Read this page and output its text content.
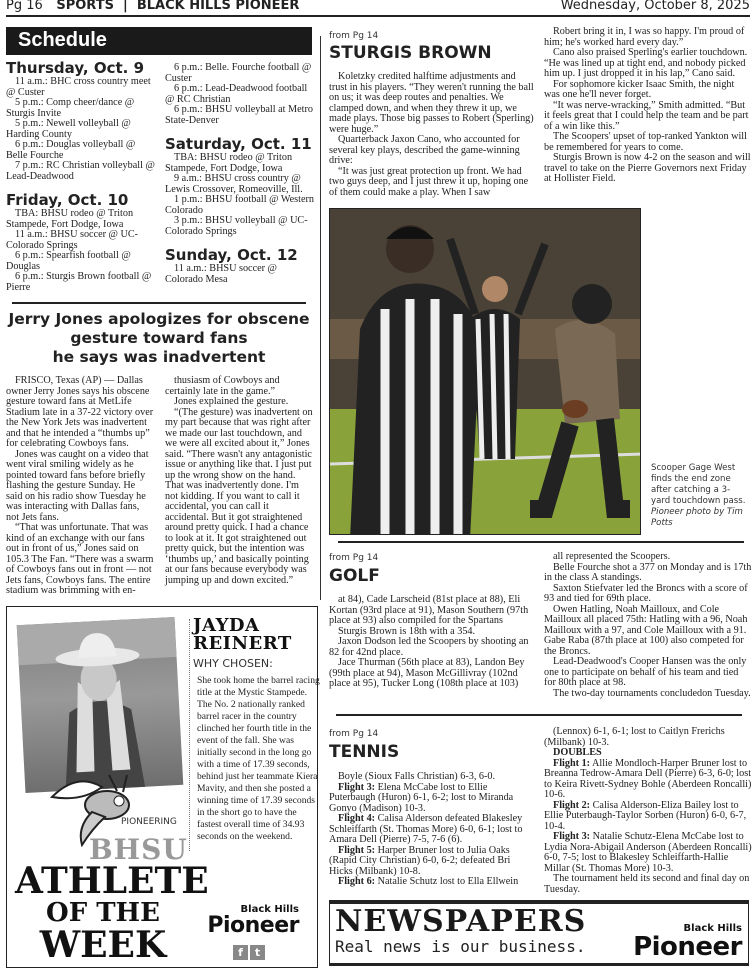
Pg 16 SPORTS  |  BLACK HILLS PIONEER	Wednesday, October 8, 2025
Schedule
Thursday, Oct. 9
11 a.m.: BHC cross country meet @ Custer
5 p.m.: Comp cheer/dance @ Sturgis Invite
5 p.m.: Newell volleyball @ Harding County
6 p.m.: Douglas volleyball @ Belle Fourche
7 p.m.: RC Christian volleyball @ Lead-Deadwood
Friday, Oct. 10
TBA: BHSU rodeo @ Triton Stampede, Fort Dodge, Iowa
11 a.m.: BHSU soccer @ UC-Colorado Springs
6 p.m.: Spearfish football @ Douglas
6 p.m.: Sturgis Brown football @ Pierre
6 p.m.: Belle. Fourche football @ Custer
6 p.m.: Lead-Deadwood football @ RC Christian
6 p.m.: BHSU volleyball at Metro State-Denver
Saturday, Oct. 11
TBA: BHSU rodeo @ Triton Stampede, Fort Dodge, Iowa
9 a.m.: BHSU cross country @ Lewis Crossover, Romeoville, Ill.
1 p.m.: BHSU football @ Western Colorado
3 p.m.: BHSU volleyball @ UC-Colorado Springs
Sunday, Oct. 12
11 a.m.: BHSU soccer @ Colorado Mesa
Jerry Jones apologizes for obscene
gesture toward fans
he says was inadvertent

FRISCO, Texas (AP) — Dallas owner Jerry Jones says his obscene gesture toward fans at MetLife Stadium late in a 37-22 victory over the New York Jets was inadvertent and that he intended a “thumbs up” for celebrating Cowboys fans.

Jones was caught on a video that went viral smiling widely as he pointed toward fans before briefly flashing the gesture Sunday. He said on his radio show Tuesday he was interacting with Dallas fans, not Jets fans.

“That was unfortunate. That was kind of an exchange with our fans out in front of us,” Jones said on 105.3 The Fan. “There was a swarm of Cowboys fans out in front — not Jets fans, Cowboys fans. The entire stadium was brimming with en-

thusiasm of Cowboys and certainly late in the game.”

Jones explained the gesture.

“(The gesture) was inadvertent on my part because that was right after we made our last touchdown, and we were all excited about it,” Jones said. “There wasn't any antagonistic issue or anything like that. I just put up the wrong show on the hand. That was inadvertently done. I'm not kidding. If you want to call it accidental, you can call it accidental. But it got straightened around pretty quick. I had a chance to look at it. It got straightened out pretty quick, but the intention was ‘thumbs up,’ and basically pointing at our fans because everybody was jumping up and down excited.”

JAYDA
REINERT
WHY CHOSEN:
She took home the barrel racing title at the Mystic Stampede. The No. 2 nationally ranked barrel racer in the country clinched her fourth title in the event of the fall. She was initially second in the long go with a time of 17.39 seconds, behind just her teammate Kiera Mavity, and then she posted a winning time of 17.39 seconds in the short go to have the fastest overall time of 34.93 seconds on the weekend.
PIONEERING
BHSU
ATHLETE
OF THE
WEEK
Black Hills
Pioneer
f t
from Pg 14
STURGIS BROWN

Koletzky credited halftime adjustments and trust in his players. “They weren't running the ball on us; it was deep routes and penalties. We clamped down, and when they threw it up, we made plays. Those big passes to Robert (Sperling) were huge.”

Quarterback Jaxon Cano, who accounted for several key plays, described the game-winning drive:

“It was just great protection up front. We had two guys deep, and I just threw it up, hoping one of them could make a play. When I saw

Robert bring it in, I was so happy. I'm proud of him; he's worked hard every day.”

Cano also praised Sperling's earlier touchdown. “He was lined up at tight end, and nobody picked him up. I just dropped it in his lap,” Cano said.

For sophomore kicker Isaac Smith, the night was one he'll never forget.

“It was nerve-wracking,” Smith admitted. “But it feels great that I could help the team and be part of a win like this.”

The Scoopers' upset of top-ranked Yankton will be remembered for years to come.

Sturgis Brown is now 4-2 on the season and will travel to take on the Pierre Governors next Friday at Hollister Field.

Scooper Gage West finds the end zone after catching a 3-yard touchdown pass.
Pioneer photo by Tim Potts
from Pg 14
GOLF

at 84), Cade Larscheid (81st place at 88), Eli Kortan (93rd place at 91), Mason Southern (97th place at 93) also compiled for the Spartans

Sturgis Brown is 18th with a 354.

Jaxon Dodson led the Scoopers by shooting an 82 for 42nd place.

Jace Thurman (56th place at 83), Landon Bey (99th place at 94), Mason McGillivray (102nd place at 95), Tucker Long (108th place at 103)

all represented the Scoopers.

Belle Fourche shot a 377 on Monday and is 17th in the class A standings.

Saxton Stiefvater led the Broncs with a score of 93 and tied for 69th place.

Owen Hatling, Noah Mailloux, and Cole Mailloux all placed 75th: Hatling with a 96, Noah Mailloux with a 97, and Cole Mailloux with a 91. Gabe Raba (87th place at 100) also competed for the Broncs.

Lead-Deadwood's Cooper Hansen was the only one to participate on behalf of his team and tied for 80th place at 98.

The two-day tournaments concludedon Tuesday.

from Pg 14
TENNIS

Boyle (Sioux Falls Christian) 6-3, 6-0.

Flight 3: Elena McCabe lost to Ellie Puterbaugh (Huron) 6-1, 6-2; lost to Miranda Gonyo (Madison) 10-3.

Flight 4: Calisa Alderson defeated Blakesley Schleiffarth (St. Thomas More) 6-0, 6-1; lost to Amara Dell (Pierre) 7-5, 7-6 (6).

Flight 5: Harper Bruner lost to Julia Oaks (Rapid City Christian) 6-0, 6-2; defeated Bri Hicks (Milbank) 10-8.

Flight 6: Natalie Schutz lost to Ella Ellwein

(Lennox) 6-1, 6-1; lost to Caitlyn Frerichs (Milbank) 10-3.

DOUBLES

Flight 1: Allie Mondloch-Harper Bruner lost to Breanna Tedrow-Amara Dell (Pierre) 6-3, 6-0; lost to Keira Rivett-Sydney Bohle (Aberdeen Roncalli) 10-6.

Flight 2: Calisa Alderson-Eliza Bailey lost to Ellie Puterbaugh-Taylor Sorben (Huron) 6-0, 6-7, 10-4.

Flight 3: Natalie Schutz-Elena McCabe lost to Lydia Nora-Abigail Anderson (Aberdeen Roncalli) 6-0, 7-5; lost to Blakesley Schleiffarth-Hallie Millar (St. Thomas More) 10-3.

The tournament held its second and final day on Tuesday.

NEWSPAPERS
Real news is our business.
Black Hills
Pioneer
